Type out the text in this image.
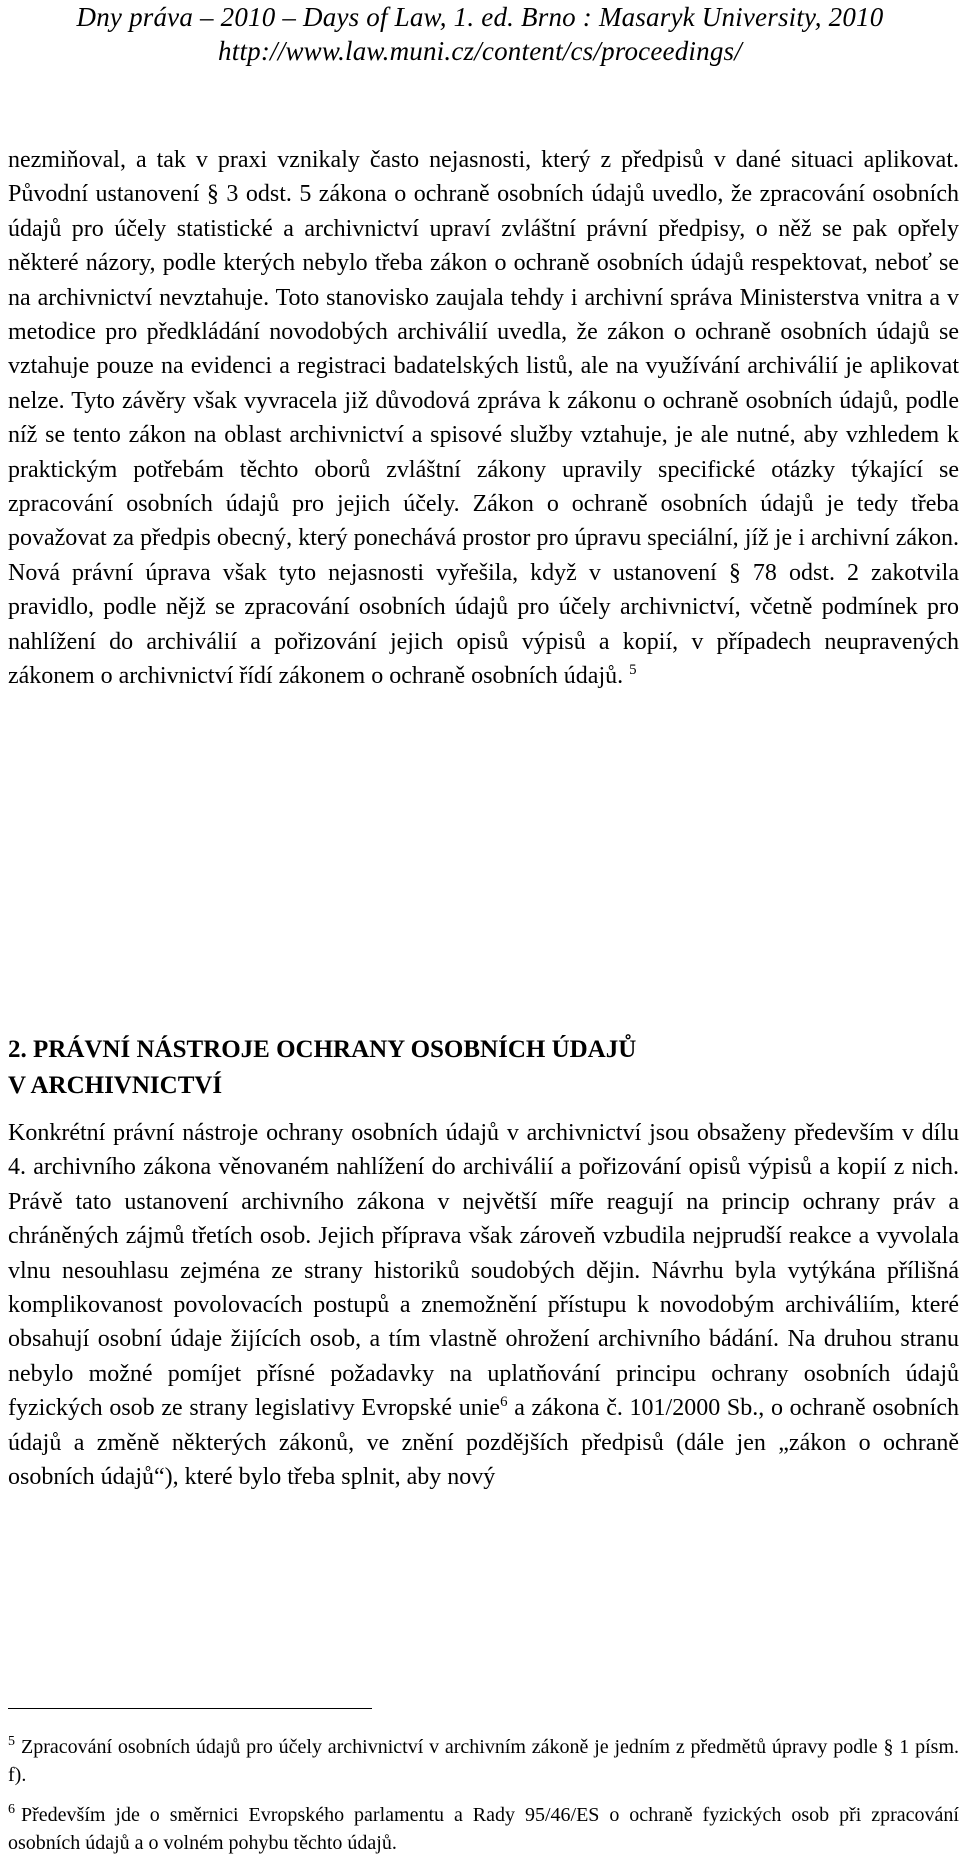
Dny práva – 2010 – Days of Law, 1. ed. Brno : Masaryk University, 2010
http://www.law.muni.cz/content/cs/proceedings/

nezmiňoval, a tak v praxi vznikaly často nejasnosti, který z předpisů v dané situaci aplikovat. Původní ustanovení § 3 odst. 5 zákona o ochraně osobních údajů uvedlo, že zpracování osobních údajů pro účely statistické a archivnictví upraví zvláštní právní předpisy, o něž se pak opřely některé názory, podle kterých nebylo třeba zákon o ochraně osobních údajů respektovat, neboť se na archivnictví nevztahuje. Toto stanovisko zaujala tehdy i archivní správa Ministerstva vnitra a v metodice pro předkládání novodobých archiválií uvedla, že zákon o ochraně osobních údajů se vztahuje pouze na evidenci a registraci badatelských listů, ale na využívání archiválií je aplikovat nelze. Tyto závěry však vyvracela již důvodová zpráva k zákonu o ochraně osobních údajů, podle níž se tento zákon na oblast archivnictví a spisové služby vztahuje, je ale nutné, aby vzhledem k praktickým potřebám těchto oborů zvláštní zákony upravily specifické otázky týkající se zpracování osobních údajů pro jejich účely. Zákon o ochraně osobních údajů je tedy třeba považovat za předpis obecný, který ponechává prostor pro úpravu speciální, jíž je i archivní zákon. Nová právní úprava však tyto nejasnosti vyřešila, když v ustanovení § 78 odst. 2 zakotvila pravidlo, podle nějž se zpracování osobních údajů pro účely archivnictví, včetně podmínek pro nahlížení do archiválií a pořizování jejich opisů výpisů a kopií, v případech neupravených zákonem o archivnictví řídí zákonem o ochraně osobních údajů. $^5$

2. PRÁVNÍ NÁSTROJE OCHRANY OSOBNÍCH ÚDAJŮ
V ARCHIVNICTVÍ

Konkrétní právní nástroje ochrany osobních údajů v archivnictví jsou obsaženy především v dílu 4. archivního zákona věnovaném nahlížení do archiválií a pořizování opisů výpisů a kopií z nich. Právě tato ustanovení archivního zákona v největší míře reagují na princip ochrany práv a chráněných zájmů třetích osob. Jejich příprava však zároveň vzbudila nejprudší reakce a vyvolala vlnu nesouhlasu zejména ze strany historiků soudobých dějin. Návrhu byla vytýkána přílišná komplikovanost povolovacích postupů a znemožnění přístupu k novodobým archiváliím, které obsahují osobní údaje žijících osob, a tím vlastně ohrožení archivního bádání. Na druhou stranu nebylo možné pomíjet přísné požadavky na uplatňování principu ochrany osobních údajů fyzických osob ze strany legislativy Evropské unie$^6$ a zákona č. 101/2000 Sb., o ochraně osobních údajů a změně některých zákonů, ve znění pozdějších předpisů (dále jen „zákon o ochraně osobních údajů“), které bylo třeba splnit, aby nový

$^5$ Zpracování osobních údajů pro účely archivnictví v archivním zákoně je jedním z předmětů úpravy podle § 1 písm. f).

$^6$ Především jde o směrnici Evropského parlamentu a Rady 95/46/ES o ochraně fyzických osob při zpracování osobních údajů a o volném pohybu těchto údajů.
